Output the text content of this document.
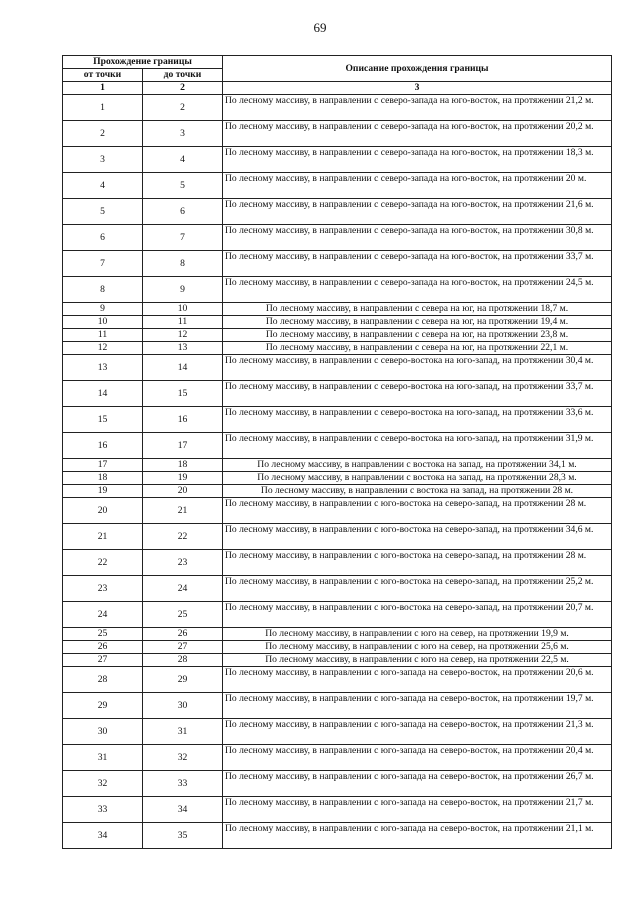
69
Прохождение границы		Описание прохождения границы
от точки	до точки	
1	2	3
1	2	По лесному массиву, в направлении с северо-запада на юго-восток, на протяжении 21,2 м.
2	3	По лесному массиву, в направлении с северо-запада на юго-восток, на протяжении 20,2 м.
3	4	По лесному массиву, в направлении с северо-запада на юго-восток, на протяжении 18,3 м.
4	5	По лесному массиву, в направлении с северо-запада на юго-восток, на протяжении 20 м.
5	6	По лесному массиву, в направлении с северо-запада на юго-восток, на протяжении 21,6 м.
6	7	По лесному массиву, в направлении с северо-запада на юго-восток, на протяжении 30,8 м.
7	8	По лесному массиву, в направлении с северо-запада на юго-восток, на протяжении 33,7 м.
8	9	По лесному массиву, в направлении с северо-запада на юго-восток, на протяжении 24,5 м.
9	10	По лесному массиву, в направлении с севера на юг, на протяжении 18,7 м.
10	11	По лесному массиву, в направлении с севера на юг, на протяжении 19,4 м.
11	12	По лесному массиву, в направлении с севера на юг, на протяжении 23,8 м.
12	13	По лесному массиву, в направлении с севера на юг, на протяжении 22,1 м.
13	14	По лесному массиву, в направлении с северо-востока на юго-запад, на протяжении 30,4 м.
14	15	По лесному массиву, в направлении с северо-востока на юго-запад, на протяжении 33,7 м.
15	16	По лесному массиву, в направлении с северо-востока на юго-запад, на протяжении 33,6 м.
16	17	По лесному массиву, в направлении с северо-востока на юго-запад, на протяжении 31,9 м.
17	18	По лесному массиву, в направлении с востока на запад, на протяжении 34,1 м.
18	19	По лесному массиву, в направлении с востока на запад, на протяжении 28,3 м.
19	20	По лесному массиву, в направлении с востока на запад, на протяжении 28 м.
20	21	По лесному массиву, в направлении с юго-востока на северо-запад, на протяжении 28 м.
21	22	По лесному массиву, в направлении с юго-востока на северо-запад, на протяжении 34,6 м.
22	23	По лесному массиву, в направлении с юго-востока на северо-запад, на протяжении 28 м.
23	24	По лесному массиву, в направлении с юго-востока на северо-запад, на протяжении 25,2 м.
24	25	По лесному массиву, в направлении с юго-востока на северо-запад, на протяжении 20,7 м.
25	26	По лесному массиву, в направлении с юго на север, на протяжении 19,9 м.
26	27	По лесному массиву, в направлении с юго на север, на протяжении 25,6 м.
27	28	По лесному массиву, в направлении с юго на север, на протяжении 22,5 м.
28	29	По лесному массиву, в направлении с юго-запада на северо-восток, на протяжении 20,6 м.
29	30	По лесному массиву, в направлении с юго-запада на северо-восток, на протяжении 19,7 м.
30	31	По лесному массиву, в направлении с юго-запада на северо-восток, на протяжении 21,3 м.
31	32	По лесному массиву, в направлении с юго-запада на северо-восток, на протяжении 20,4 м.
32	33	По лесному массиву, в направлении с юго-запада на северо-восток, на протяжении 26,7 м.
33	34	По лесному массиву, в направлении с юго-запада на северо-восток, на протяжении 21,7 м.
34	35	По лесному массиву, в направлении с юго-запада на северо-восток, на протяжении 21,1 м.
